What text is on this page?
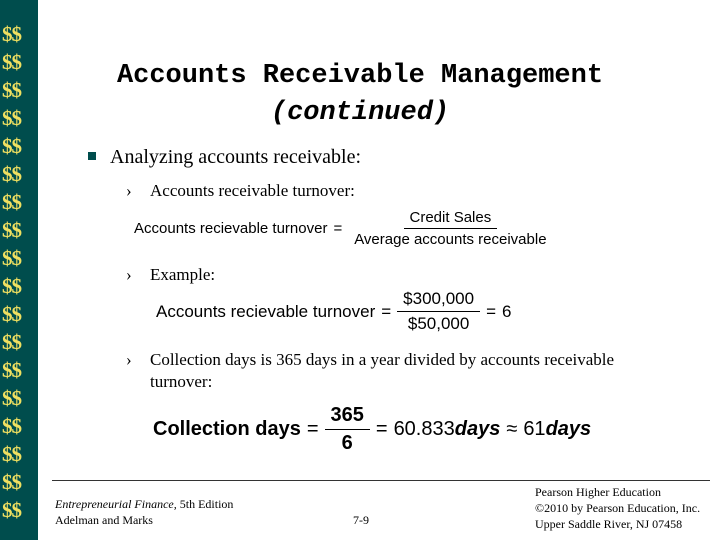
$$
$$
$$
$$
$$
$$
$$
$$
$$
$$
$$
$$
$$
$$
$$
$$
$$
$$
Accounts Receivable Management
(continued)
Analyzing accounts receivable:
› Accounts receivable turnover:
Accounts recievable turnover = $\frac{\text{Credit Sales}}{\text{Average accounts receivable}}$
› Example:
Accounts recievable turnover = $\frac{\$300,000}{\$50,000} = 6$
› Collection days is 365 days in a year divided by accounts receivable turnover:
Collection days = $\frac{365}{6} = 60.833$ days ≈ 61 days
Entrepreneurial Finance, 5th Edition
Adelman and Marks	7-9
Pearson Higher Education
©2010 by Pearson Education, Inc.
Upper Saddle River, NJ 07458
